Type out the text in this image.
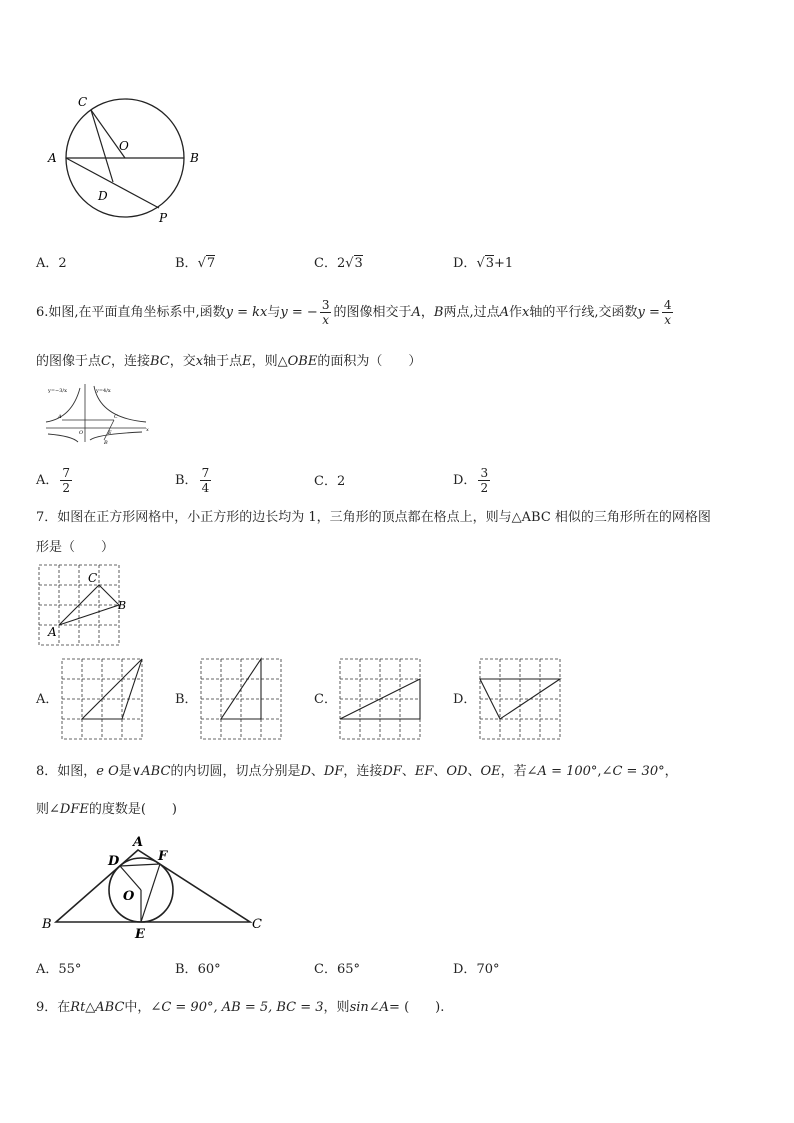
C
O
A	B
D
P
A．2	B．√7	C．2√3	D．√3+1
6.如图,在平面直角坐标系中,函数y = kx与y = − $\frac{3}{x}$ 的图像相交于A，B两点,过点A作x轴的平行线,交函数$y = \frac{4}{x}$
的图像于点C，连接BC，交x轴于点E，则△OBE的面积为（　　）
y=−3/x	y=4/x
A	C
O	E
B
x
A． $\frac{7}{2}$	B． $\frac{7}{4}$	C．2	D． $\frac{3}{2}$
7．如图在正方形网格中，小正方形的边长均为 1，三角形的顶点都在格点上，则与△ABC 相似的三角形所在的网格图
形是（　　）
A
C
B
A．	B．	C．	D．
8．如图，e O是∨ABC的内切圆，切点分别是D、DF，连接DF、EF、OD、OE，若∠A = 100°,∠C = 30°，
则∠DFE的度数是(　　)
A
D	F
O
B
E
C
A．55°	B．60°	C．65°	D．70°
9．在Rt△ABC中，∠C = 90°, AB = 5, BC = 3，则sin∠A= (　　).
